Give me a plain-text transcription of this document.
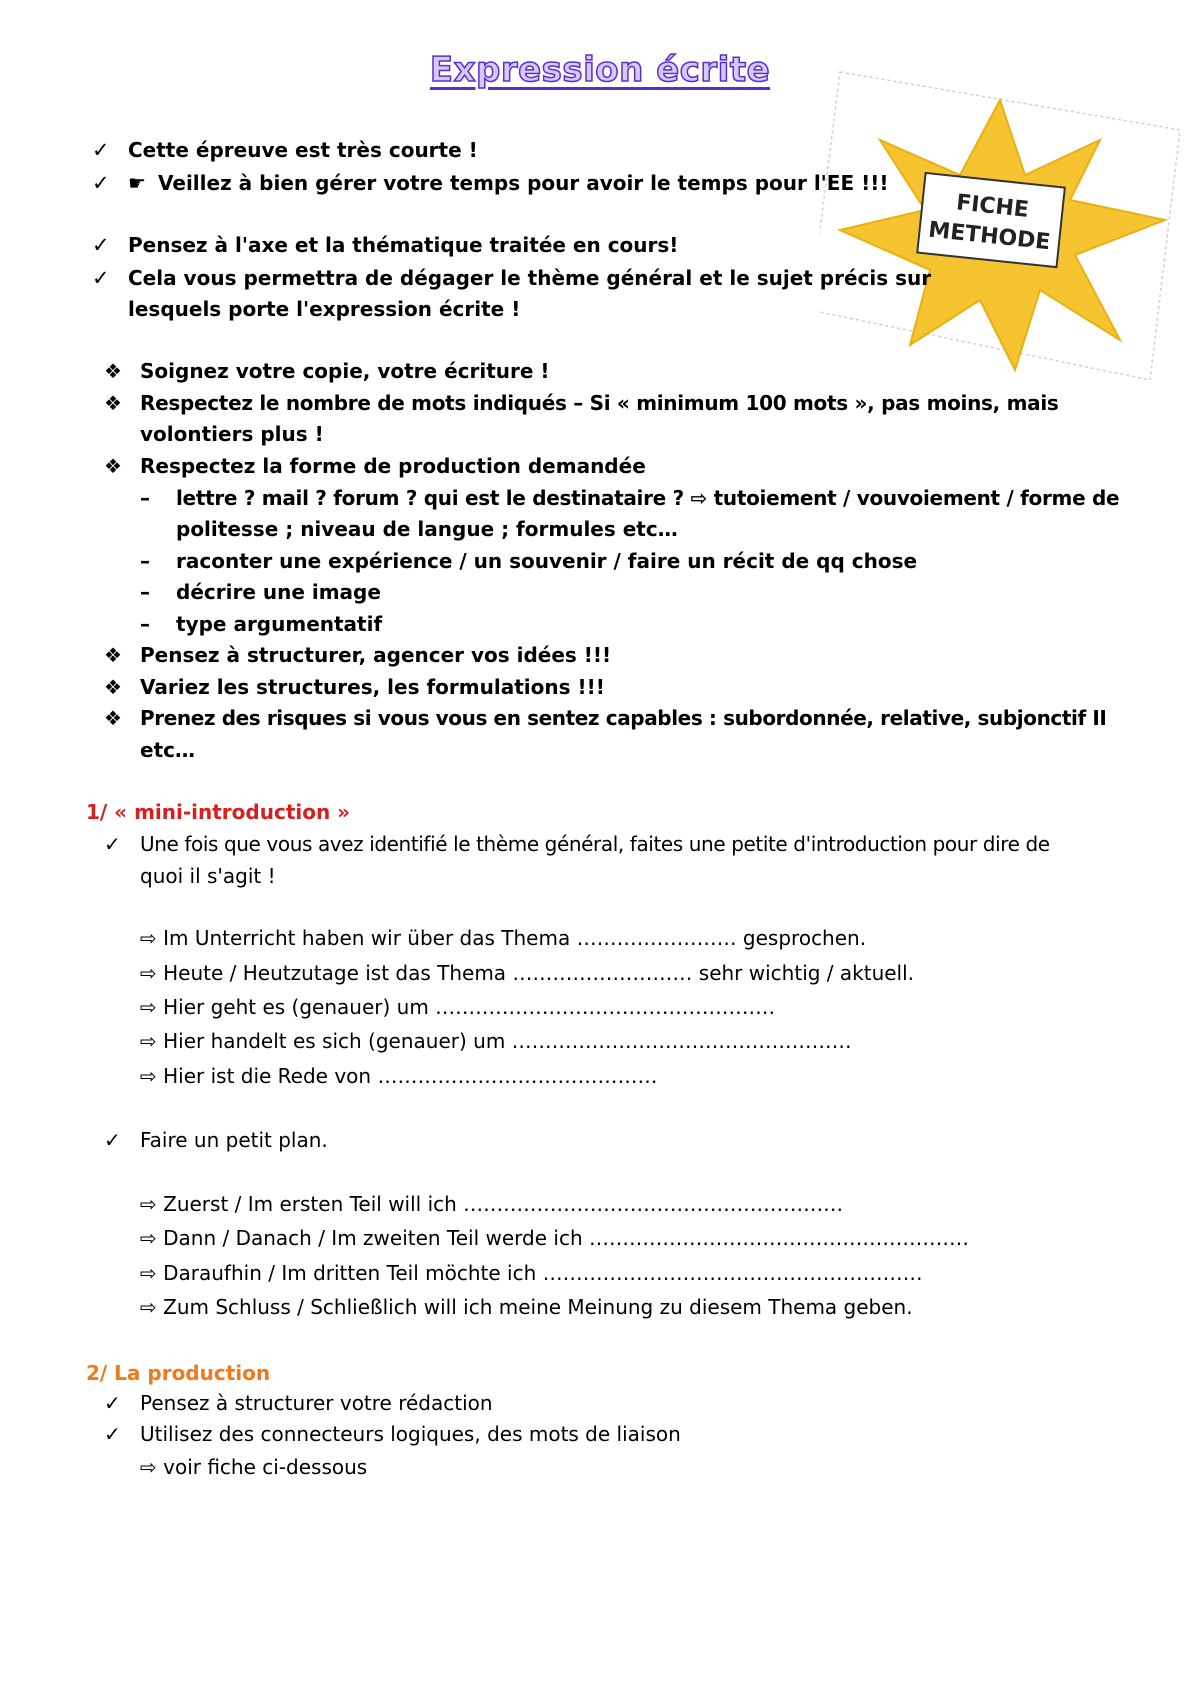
Expression écrite
FICHE
METHODE
✓ Cette épreuve est très courte !
✓ ☛ Veillez à bien gérer votre temps pour avoir le temps pour l'EE !!!
✓ Pensez à l'axe et la thématique traitée en cours!
✓ Cela vous permettra de dégager le thème général et le sujet précis sur
lesquels porte l'expression écrite !
❖ Soignez votre copie, votre écriture !
❖ Respectez le nombre de mots indiqués – Si « minimum 100 mots », pas moins, mais
volontiers plus !
❖ Respectez la forme de production demandée
– lettre ? mail ? forum ? qui est le destinataire ? ⇨ tutoiement / vouvoiement / forme de
politesse ; niveau de langue ; formules etc…
– raconter une expérience / un souvenir / faire un récit de qq chose
– décrire une image
– type argumentatif
❖ Pensez à structurer, agencer vos idées !!!
❖ Variez les structures, les formulations !!!
❖ Prenez des risques si vous vous en sentez capables : subordonnée, relative, subjonctif II
etc…
1/ « mini-introduction »
✓ Une fois que vous avez identifié le thème général, faites une petite d'introduction pour dire de
quoi il s'agit !
⇨ Im Unterricht haben wir über das Thema …………………… gesprochen.
⇨ Heute / Heutzutage ist das Thema ……………………… sehr wichtig / aktuell.
⇨ Hier geht es (genauer) um ……………………………………………
⇨ Hier handelt es sich (genauer) um ……………………………………………
⇨ Hier ist die Rede von ……………………………………
✓ Faire un petit plan.
⇨ Zuerst / Im ersten Teil will ich …………………………………………………
⇨ Dann / Danach / Im zweiten Teil werde ich …………………………………………………
⇨ Daraufhin / Im dritten Teil möchte ich …………………………………………………
⇨ Zum Schluss / Schließlich will ich meine Meinung zu diesem Thema geben.
2/ La production
✓ Pensez à structurer votre rédaction
✓ Utilisez des connecteurs logiques, des mots de liaison
⇨ voir fiche ci-dessous
